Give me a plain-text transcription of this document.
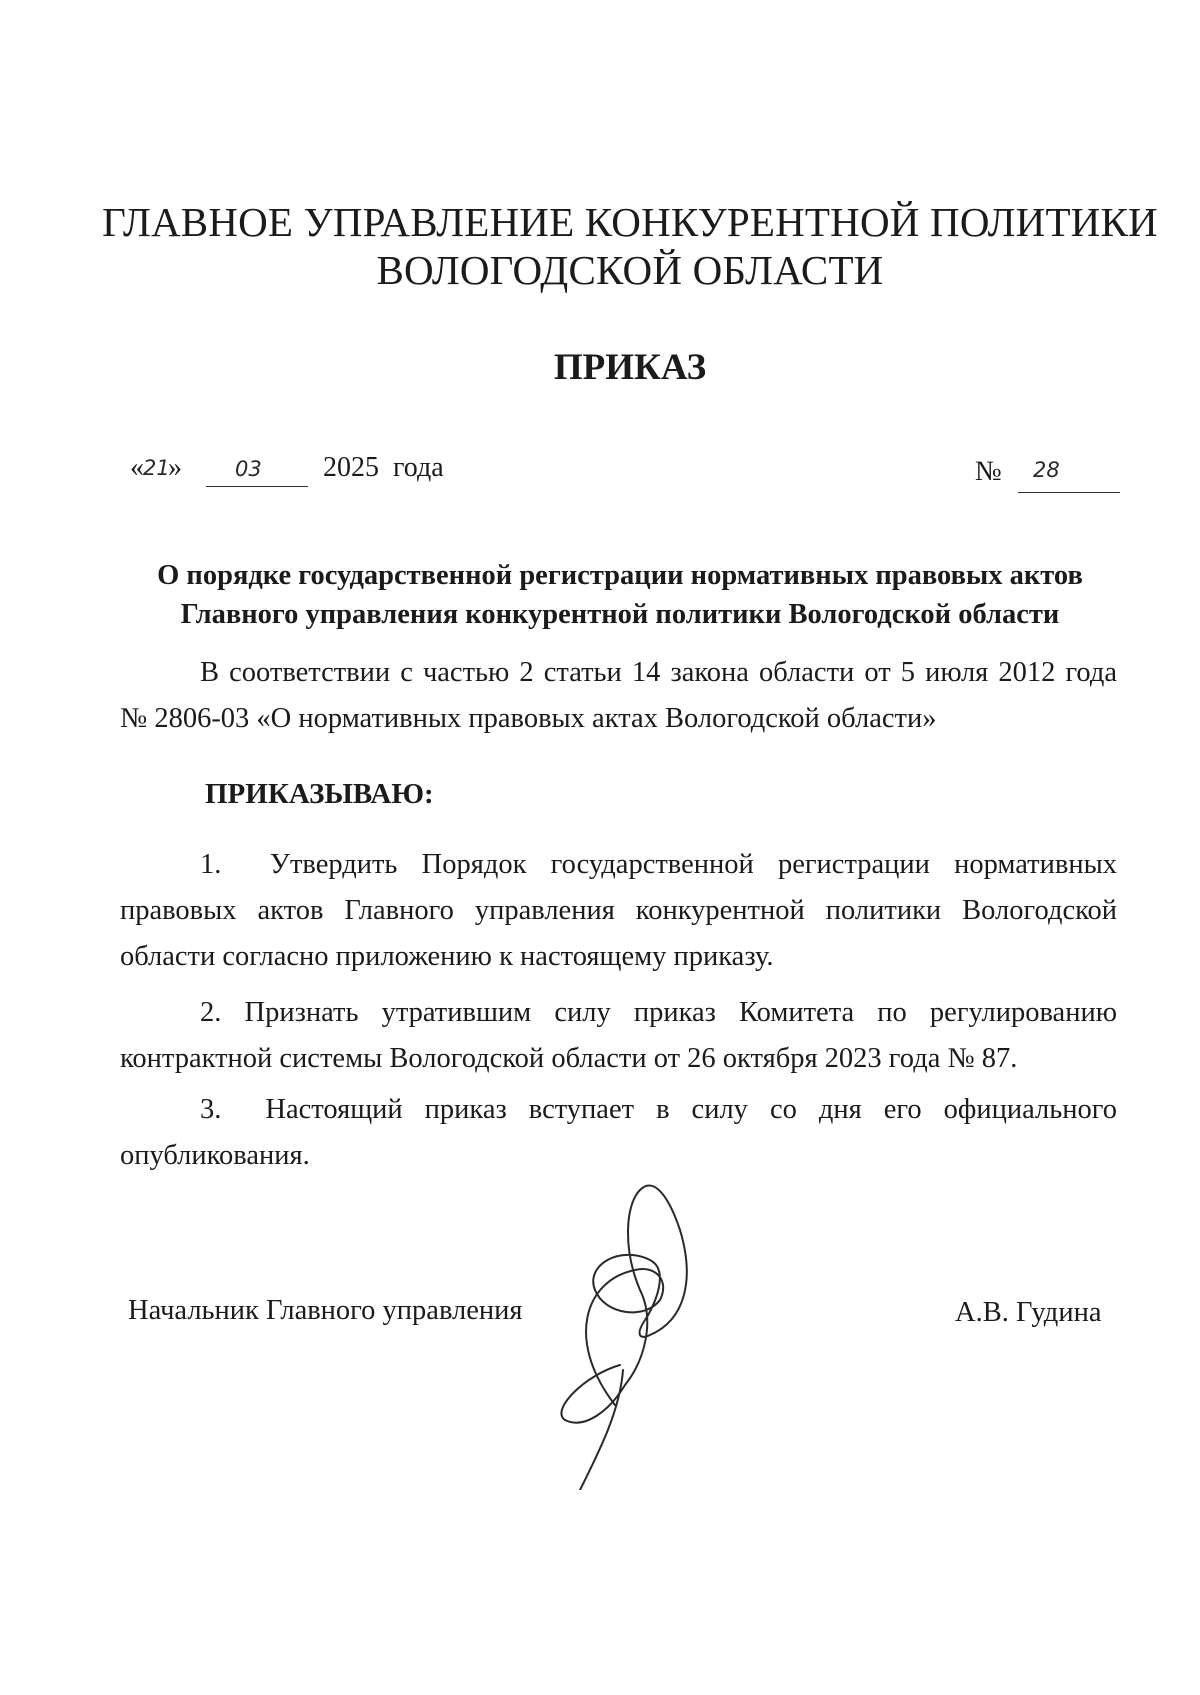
ГЛАВНОЕ УПРАВЛЕНИЕ КОНКУРЕНТНОЙ ПОЛИТИКИ
ВОЛОГОДСКОЙ ОБЛАСТИ
ПРИКАЗ
« 21
»	03 2025  года	№ 28
О порядке государственной регистрации нормативных правовых актов
Главного управления конкурентной политики Вологодской области
В соответствии с частью 2 статьи 14 закона области от 5 июля 2012 года
№ 2806-03 «О нормативных правовых актах Вологодской области»
ПРИКАЗЫВАЮ:
1.    Утвердить  Порядок  государственной  регистрации  нормативных
правовых  актов  Главного  управления  конкурентной  политики  Вологодской
области согласно приложению к настоящему приказу.
2.  Признать  утратившим  силу  приказ  Комитета  по  регулированию
контрактной системы Вологодской области от 26 октября 2023 года № 87.
3.    Настоящий  приказ  вступает  в  силу  со  дня  его  официального
опубликования.
Начальник Главного управления	А.В. Гудина
